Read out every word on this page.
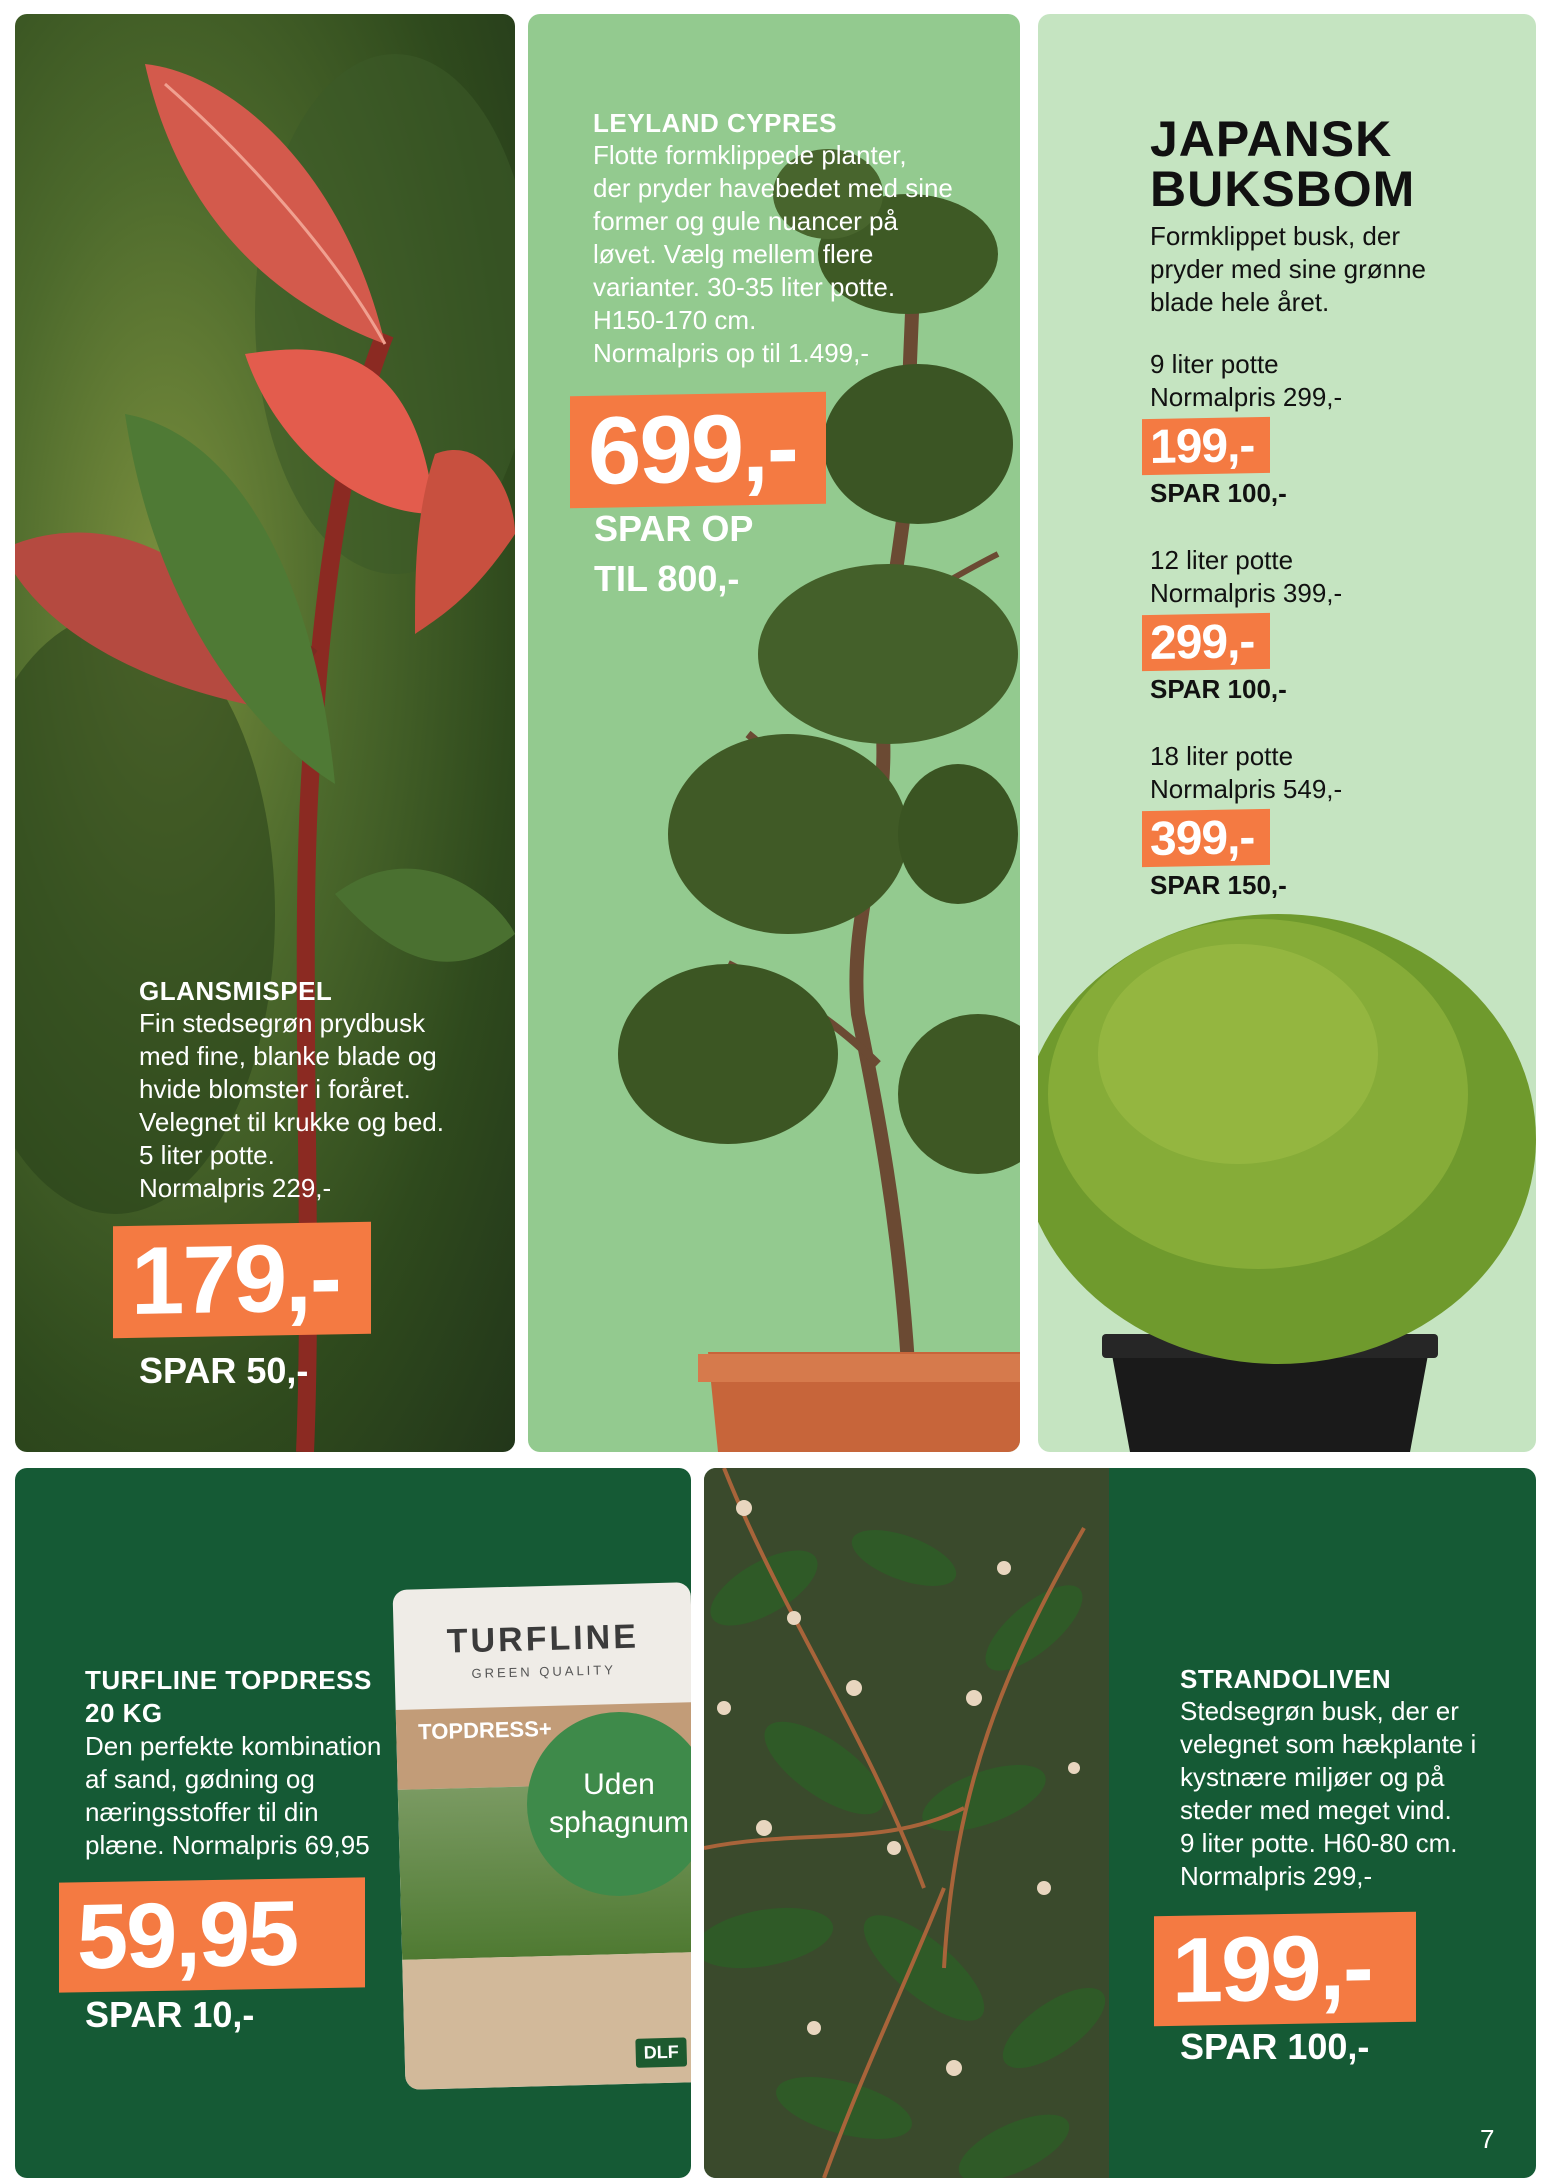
GLANSMISPEL
Fin stedsegrøn prydbusk
med fine, blanke blade og
hvide blomster i foråret.
Velegnet til krukke og bed.
5 liter potte.
Normalpris 229,-
179,-
SPAR 50,-
LEYLAND CYPRES
Flotte formklippede planter,
der pryder havebedet med sine
former og gule nuancer på
løvet. Vælg mellem flere
varianter. 30-35 liter potte.
H150-170 cm.
Normalpris op til 1.499,-
699,-
SPAR OP
TIL 800,-
JAPANSK
BUKSBOM
Formklippet busk, der
pryder med sine grønne
blade hele året.
9 liter potte
Normalpris 299,-
199,-
SPAR 100,-
12 liter potte
Normalpris 399,-
299,-
SPAR 100,-
18 liter potte
Normalpris 549,-
399,-
SPAR 150,-
TURFLINE
GREEN QUALITY
TOPDRESS+
DLF
Uden
sphagnum
TURFLINE TOPDRESS
20 KG
Den perfekte kombination
af sand, gødning og
næringsstoffer til din
plæne. Normalpris 69,95
59,95
SPAR 10,-
STRANDOLIVEN
Stedsegrøn busk, der er
velegnet som hækplante i
kystnære miljøer og på
steder med meget vind.
9 liter potte. H60-80 cm.
Normalpris 299,-
199,-
SPAR 100,-
7
